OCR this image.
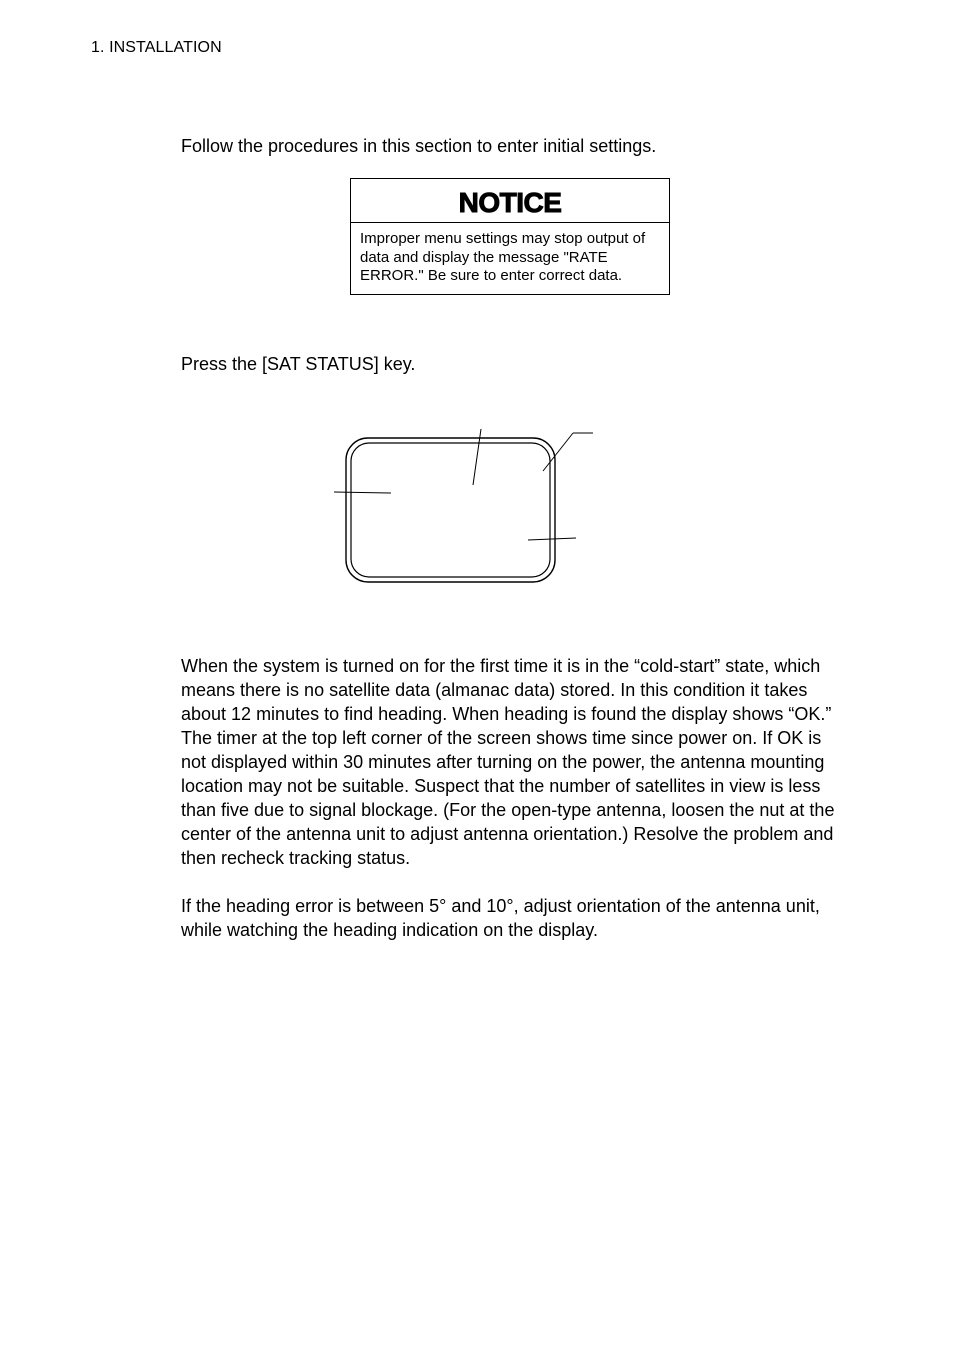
1. INSTALLATION
Follow the procedures in this section to enter initial settings.
NOTICE
Improper menu settings may stop output of data and display the message "RATE ERROR." Be sure to enter correct data.
Press the [SAT STATUS] key.
When the system is turned on for the first time it is in the “cold-start” state, which means there is no satellite data (almanac data) stored. In this condition it takes about 12 minutes to find heading. When heading is found the display shows “OK.” The timer at the top left corner of the screen shows time since power on. If OK is not displayed within 30 minutes after turning on the power, the antenna mounting location may not be suitable. Suspect that the number of satellites in view is less than five due to signal blockage. (For the open-type antenna, loosen the nut at the center of the antenna unit to adjust antenna orientation.) Resolve the problem and then recheck tracking status.
If the heading error is between 5° and 10°, adjust orientation of the antenna unit, while watching the heading indication on the display.
